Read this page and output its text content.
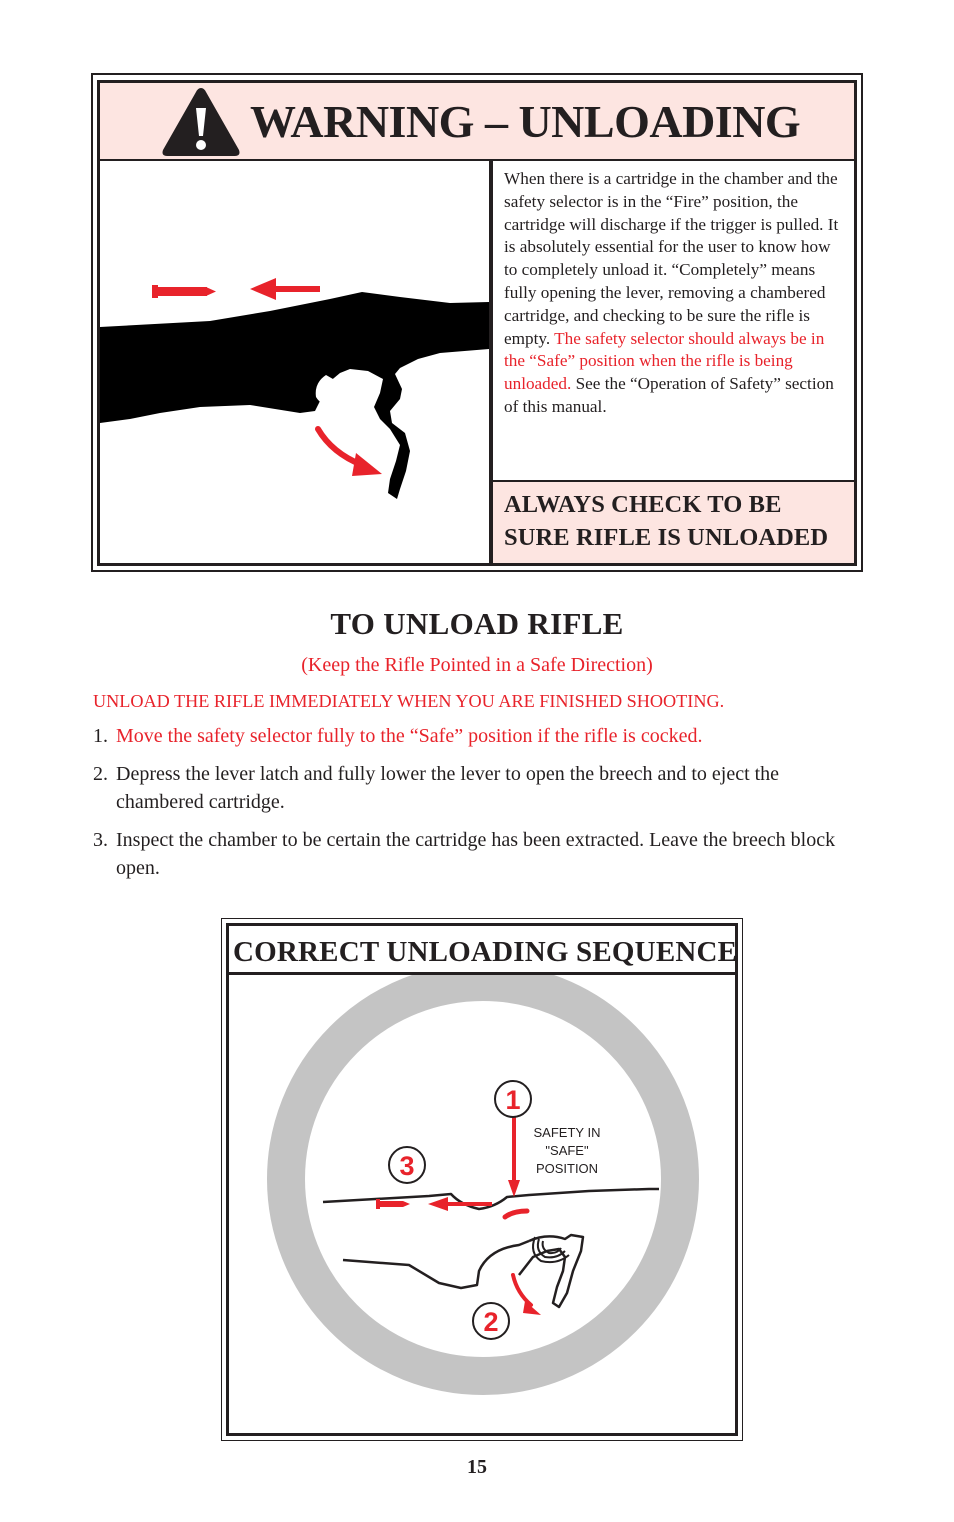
WARNING – UNLOADING
When there is a cartridge in the chamber and the safety selector is in the “Fire” position, the cartridge will discharge if the trigger is pulled. It is absolutely essential for the user to know how to completely unload it. “Completely” means fully opening the lever, removing a chambered cartridge, and checking to be sure the rifle is empty. The safety selector should always be in the “Safe” position when the rifle is being unloaded. See the “Operation of Safety” section of this manual.
ALWAYS CHECK TO BE
SURE RIFLE IS UNLOADED
TO UNLOAD RIFLE
(Keep the Rifle Pointed in a Safe Direction)
UNLOAD THE RIFLE IMMEDIATELY WHEN YOU ARE FINISHED SHOOTING.
1. Move the safety selector fully to the “Safe” position if the rifle is cocked.
2. Depress the lever latch and fully lower the lever to open the breech and to eject the chambered cartridge.
3. Inspect the chamber to be certain the cartridge has been extracted. Leave the breech block open.
CORRECT UNLOADING SEQUENCE
1
3
2
SAFETY IN
"SAFE"
POSITION
15
